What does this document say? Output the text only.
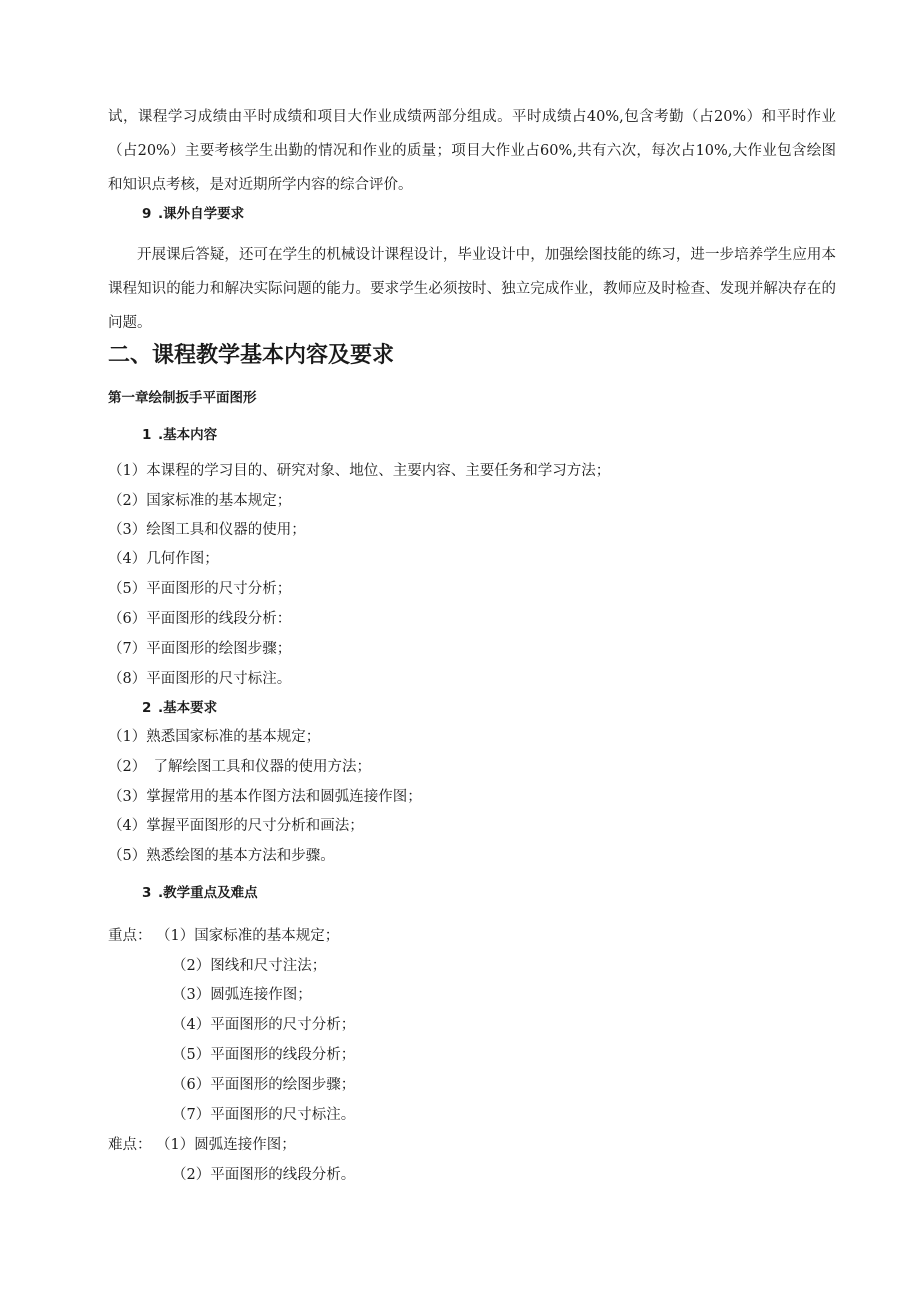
试，课程学习成绩由平时成绩和项目大作业成绩两部分组成。平时成绩占40%,包含考勤（占20%）和平时作业（占20%）主要考核学生出勤的情况和作业的质量；项目大作业占60%,共有六次，每次占10%,大作业包含绘图和知识点考核，是对近期所学内容的综合评价。

9 .课外自学要求

开展课后答疑，还可在学生的机械设计课程设计，毕业设计中，加强绘图技能的练习，进一步培养学生应用本课程知识的能力和解决实际问题的能力。要求学生必须按时、独立完成作业，教师应及时检查、发现并解决存在的问题。

二、课程教学基本内容及要求
第一章绘制扳手平面图形
1 .基本内容
（1）本课程的学习目的、研究对象、地位、主要内容、主要任务和学习方法；
（2）国家标准的基本规定；
（3）绘图工具和仪器的使用；
（4）几何作图；
（5）平面图形的尺寸分析；
（6）平面图形的线段分析：
（7）平面图形的绘图步骤；
（8）平面图形的尺寸标注。
2 .基本要求
（1）熟悉国家标准的基本规定；
（2）　了解绘图工具和仪器的使用方法；
（3）掌握常用的基本作图方法和圆弧连接作图；
（4）掌握平面图形的尺寸分析和画法；
（5）熟悉绘图的基本方法和步骤。
3 .教学重点及难点
重点： （1）国家标准的基本规定；
（2）图线和尺寸注法；
（3）圆弧连接作图；
（4）平面图形的尺寸分析；
（5）平面图形的线段分析；
（6）平面图形的绘图步骤；
（7）平面图形的尺寸标注。
难点： （1）圆弧连接作图；
（2）平面图形的线段分析。
